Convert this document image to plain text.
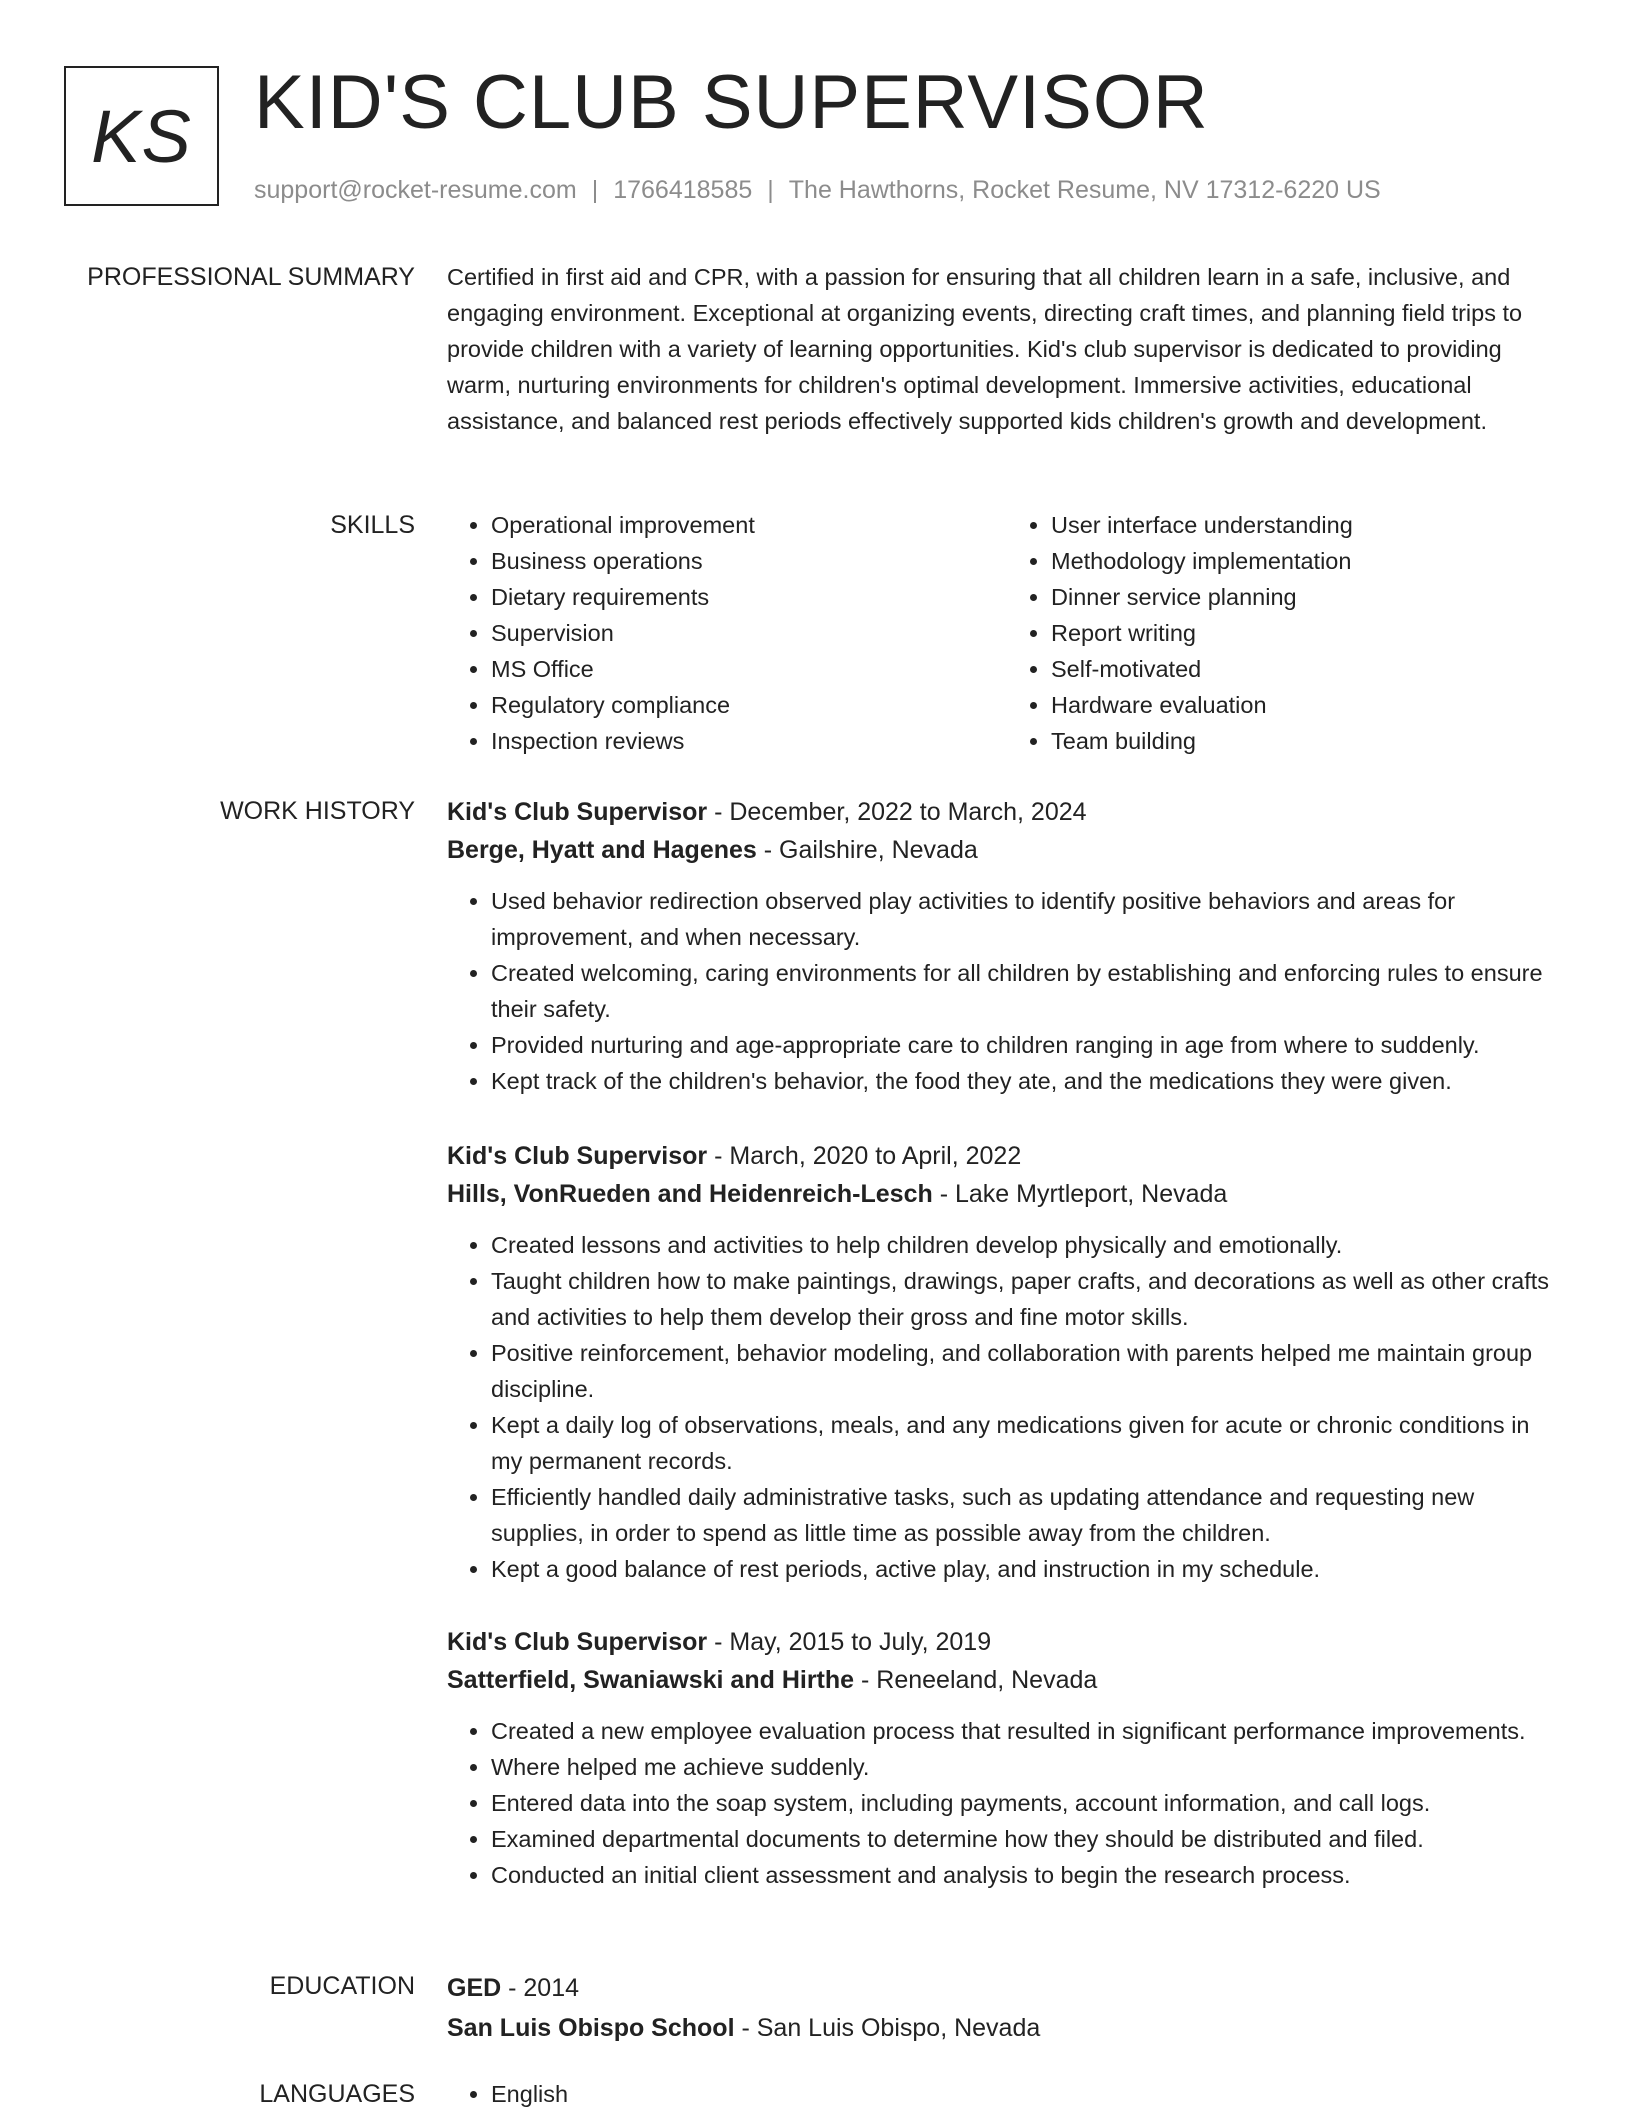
KS KID'S CLUB SUPERVISOR
support@rocket-resume.com | 1766418585 | The Hawthorns, Rocket Resume, NV 17312-6220 US
PROFESSIONAL SUMMARY Certified in first aid and CPR, with a passion for ensuring that all children learn in a safe, inclusive, and engaging environment. Exceptional at organizing events, directing craft times, and planning field trips to provide children with a variety of learning opportunities. Kid's club supervisor is dedicated to providing warm, nurturing environments for children's optimal development. Immersive activities, educational assistance, and balanced rest periods effectively supported kids children's growth and development.
SKILLS	• Operational improvement
• Business operations
• Dietary requirements
• Supervision
• MS Office
• Regulatory compliance
• Inspection reviews
• User interface understanding
• Methodology implementation
• Dinner service planning
• Report writing
• Self-motivated
• Hardware evaluation
• Team building
WORK HISTORY Kid's Club Supervisor - December, 2022 to March, 2024
Berge, Hyatt and Hagenes - Gailshire, Nevada
• Used behavior redirection observed play activities to identify positive behaviors and areas for improvement, and when necessary.
• Created welcoming, caring environments for all children by establishing and enforcing rules to ensure their safety.
• Provided nurturing and age-appropriate care to children ranging in age from where to suddenly.
• Kept track of the children's behavior, the food they ate, and the medications they were given.
Kid's Club Supervisor - March, 2020 to April, 2022
Hills, VonRueden and Heidenreich-Lesch - Lake Myrtleport, Nevada
• Created lessons and activities to help children develop physically and emotionally.
• Taught children how to make paintings, drawings, paper crafts, and decorations as well as other crafts and activities to help them develop their gross and fine motor skills.
• Positive reinforcement, behavior modeling, and collaboration with parents helped me maintain group discipline.
• Kept a daily log of observations, meals, and any medications given for acute or chronic conditions in my permanent records.
• Efficiently handled daily administrative tasks, such as updating attendance and requesting new supplies, in order to spend as little time as possible away from the children.
• Kept a good balance of rest periods, active play, and instruction in my schedule.
Kid's Club Supervisor - May, 2015 to July, 2019
Satterfield, Swaniawski and Hirthe - Reneeland, Nevada
• Created a new employee evaluation process that resulted in significant performance improvements.
• Where helped me achieve suddenly.
• Entered data into the soap system, including payments, account information, and call logs.
• Examined departmental documents to determine how they should be distributed and filed.
• Conducted an initial client assessment and analysis to begin the research process.
EDUCATION GED - 2014
San Luis Obispo School - San Luis Obispo, Nevada
LANGUAGES	• English
